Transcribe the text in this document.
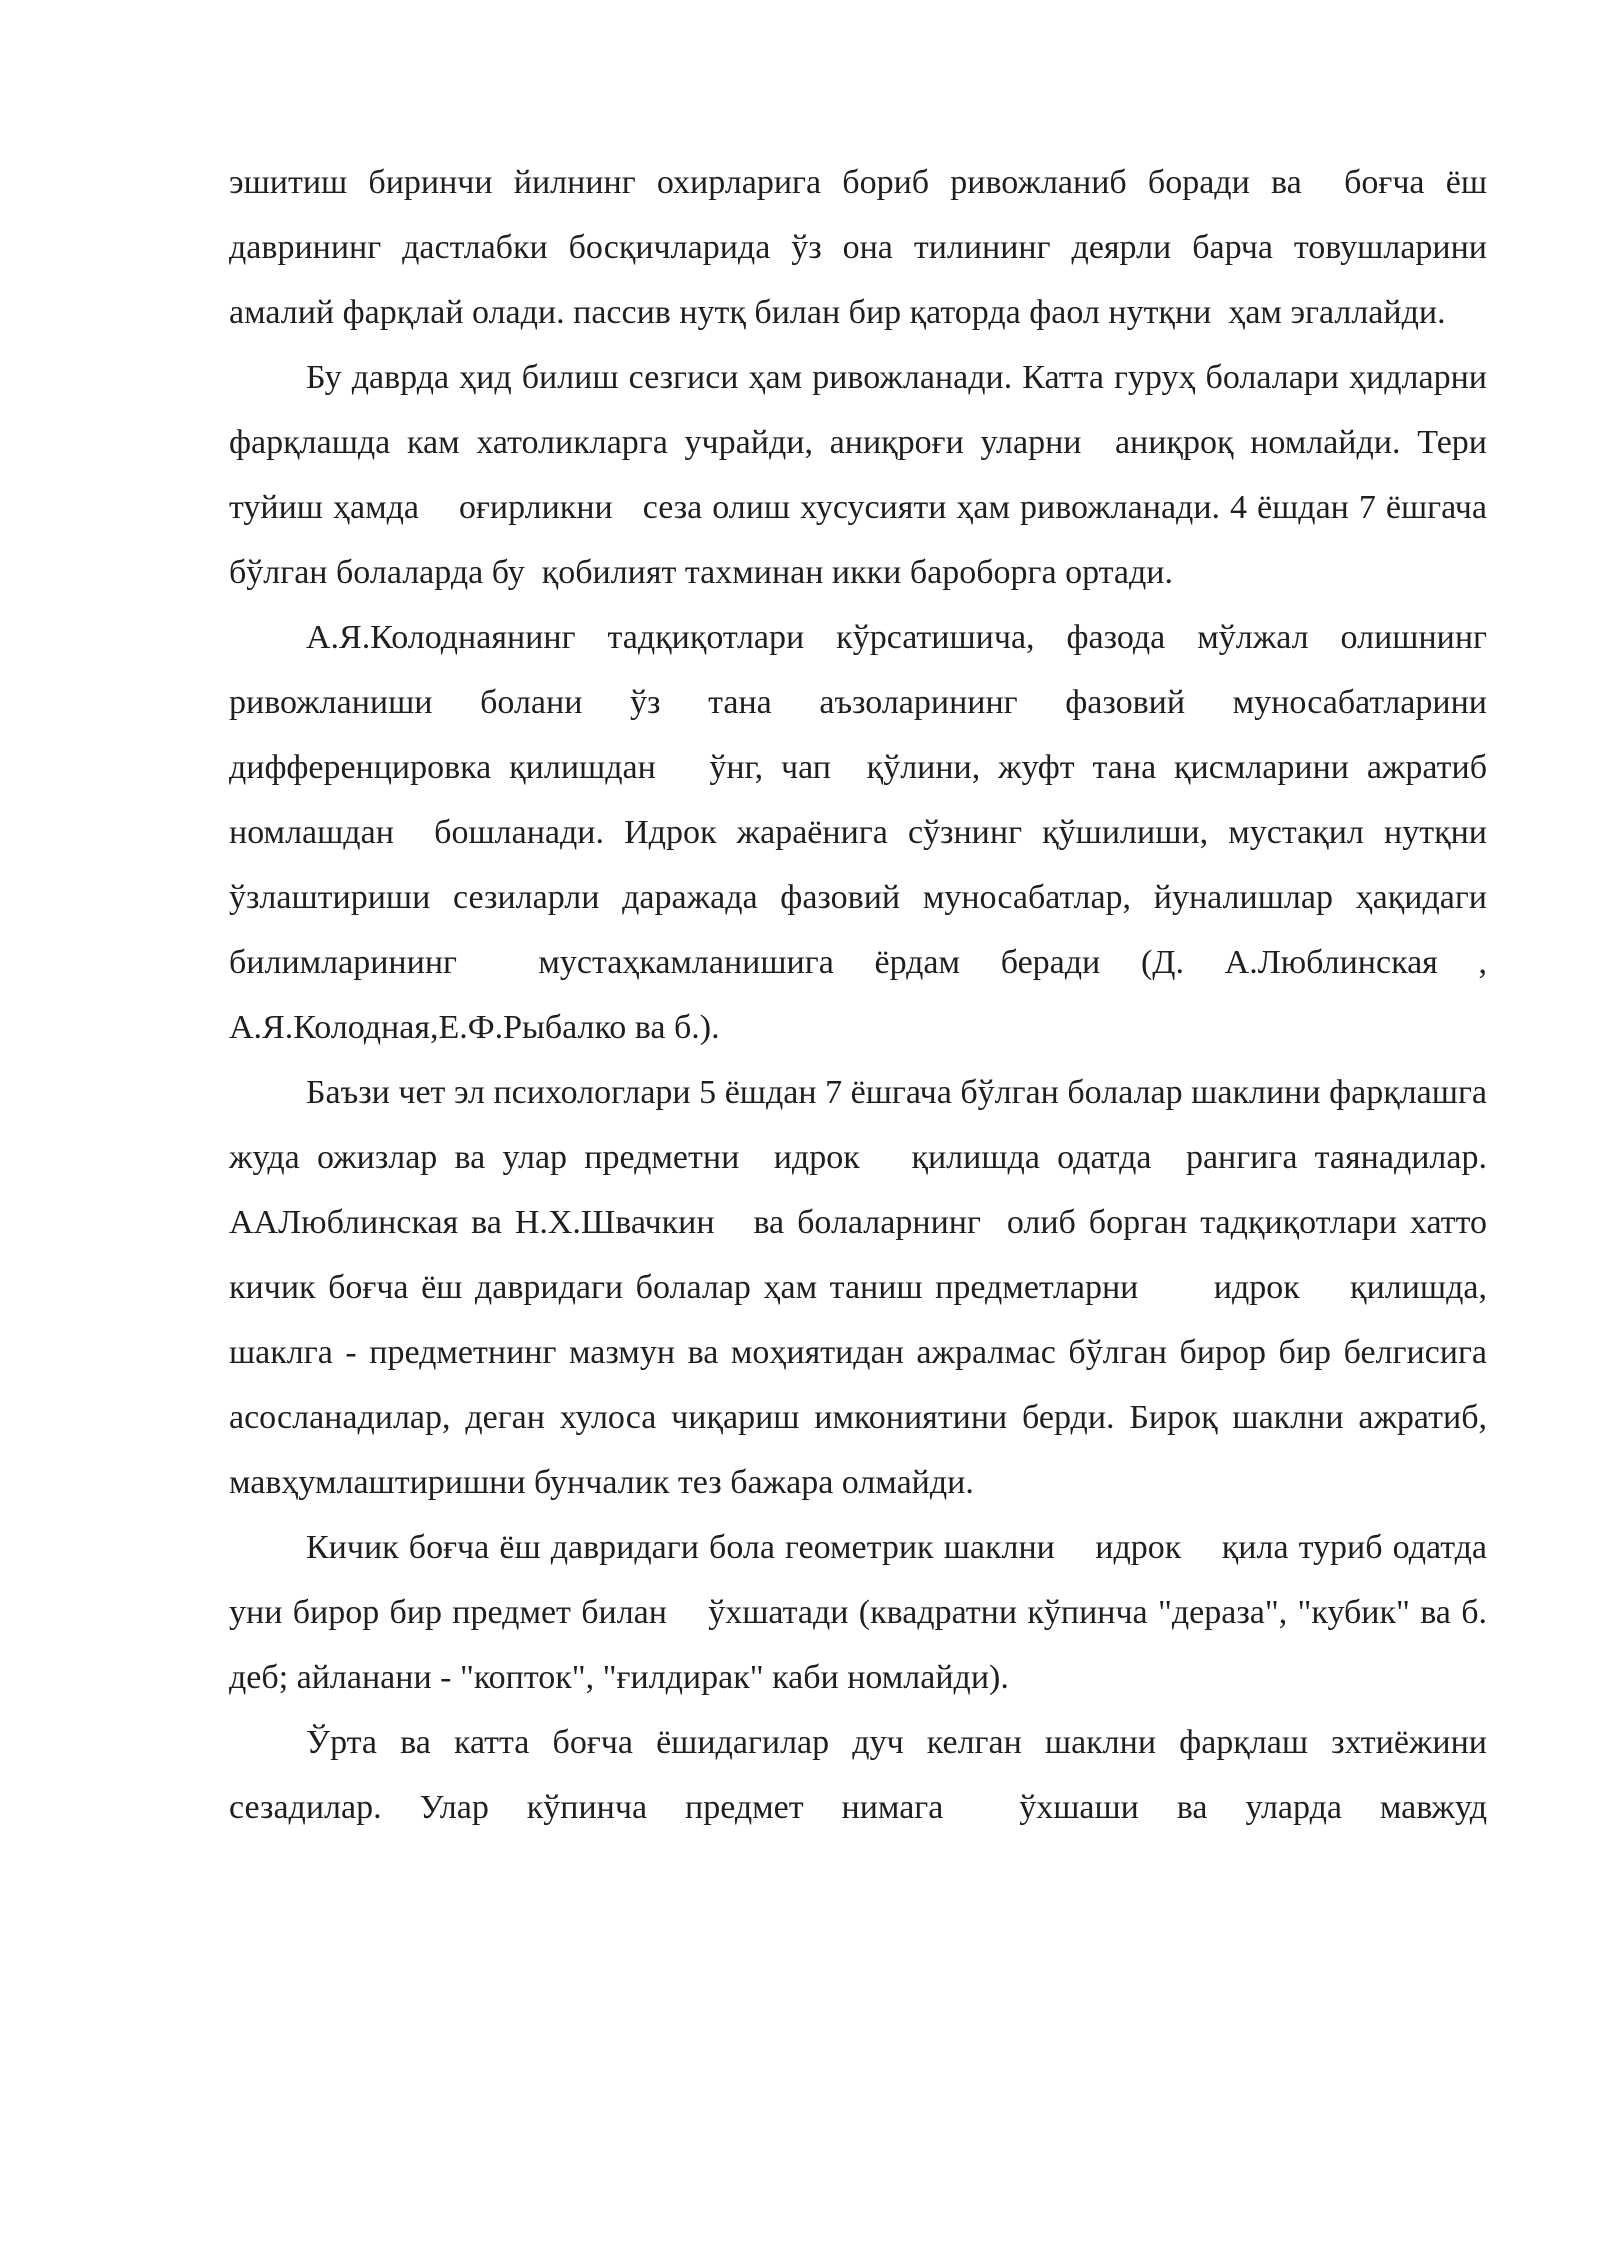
эшитиш биринчи йилнинг охирларига бориб ривожланиб боради ва  боғча ёш даврининг дастлабки босқичларида ўз она тилининг деярли барча товушларини амалий фарқлай олади. пассив нутқ билан бир қаторда фаол нутқни  ҳам эгаллайди.

Бу даврда ҳид билиш сезгиси ҳам ривожланади. Катта гуруҳ болалари ҳидларни фарқлашда кам хатоликларга учрайди, аниқроғи уларни  аниқроқ номлайди. Тери туйиш ҳамда    оғирликни   сеза олиш хусусияти ҳам ривожланади. 4 ёшдан 7 ёшгача бўлган болаларда бу  қобилият тахминан икки бароборга ортади.

А.Я.Колоднаянинг тадқиқотлари кўрсатишича, фазода мўлжал олишнинг ривожланиши болани ўз тана аъзоларининг фазовий муносабатларини дифференцировка қилишдан   ўнг, чап  қўлини, жуфт тана қисмларини ажратиб номлашдан  бошланади. Идрок жараёнига сўзнинг қўшилиши, мустақил нутқни   ўзлаштириши сезиларли даражада фазовий муносабатлар, йуналишлар ҳақидаги билимларининг  мустаҳкамланишига ёрдам беради (Д. А.Люблинская , А.Я.Колодная,Е.Ф.Рыбалко ва б.).

Баъзи чет эл психологлари 5 ёшдан 7 ёшгача бўлган болалар шаклини фарқлашга жуда ожизлар ва улар предметни  идрок   қилишда одатда  рангига таянадилар. ААЛюблинская ва Н.Х.Швачкин   ва болаларнинг  олиб борган тадқиқотлари хатто кичик боғча ёш давридаги болалар ҳам таниш предметларни      идрок    қилишда, шаклга - предметнинг мазмун ва моҳиятидан ажралмас бўлган бирор бир белгисига асосланадилар, деган хулоса чиқариш имкониятини берди. Бироқ шаклни ажратиб, мавҳумлаштиришни бунчалик тез бажара олмайди.

Кичик боғча ёш давридаги бола геометрик шаклни    идрок    қила туриб одатда уни бирор бир предмет билан    ўхшатади (квадратни кўпинча "дераза", "кубик" ва б. деб; айланани - "копток", "ғилдирак" каби номлайди).

Ўрта ва катта боғча ёшидагилар дуч келган шаклни фарқлаш зхтиёжини сезадилар. Улар кўпинча предмет нимага  ўхшаши ва уларда мавжуд
